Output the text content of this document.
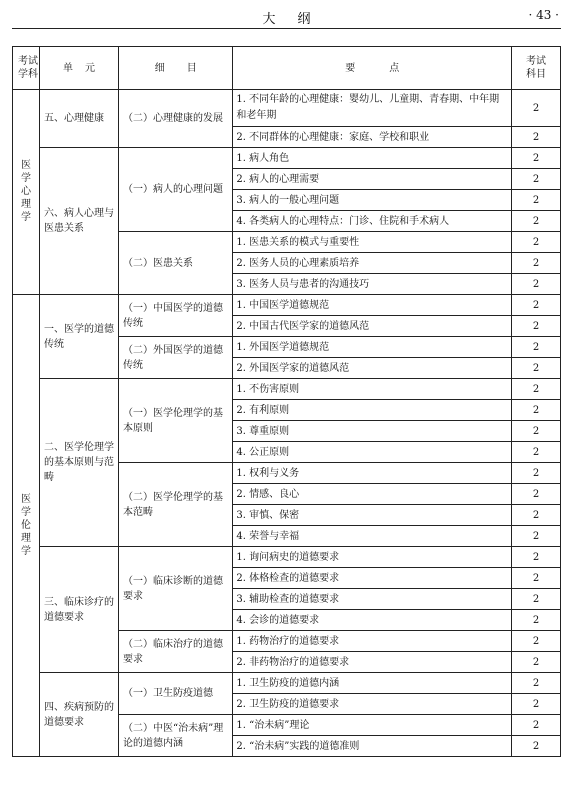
大纲	· 43 ·
考试学科	单元	细目	要点	考试科目
医学心理学	五、心理健康	（二）心理健康的发展	1. 不同年龄的心理健康：婴幼儿、儿童期、青春期、中年期和老年期	2
			2. 不同群体的心理健康：家庭、学校和职业	2
	六、病人心理与医患关系	（一）病人的心理问题	1. 病人角色	2
			2. 病人的心理需要	2
			3. 病人的一般心理问题	2
			4. 各类病人的心理特点：门诊、住院和手术病人	2
		（二）医患关系	1. 医患关系的模式与重要性	2
			2. 医务人员的心理素质培养	2
			3. 医务人员与患者的沟通技巧	2
医学伦理学	一、医学的道德传统	（一）中国医学的道德传统	1. 中国医学道德规范	2
			2. 中国古代医学家的道德风范	2
		（二）外国医学的道德传统	1. 外国医学道德规范	2
			2. 外国医学家的道德风范	2
	二、医学伦理学的基本原则与范畴	（一）医学伦理学的基本原则	1. 不伤害原则	2
			2. 有利原则	2
			3. 尊重原则	2
			4. 公正原则	2
		（二）医学伦理学的基本范畴	1. 权利与义务	2
			2. 情感、良心	2
			3. 审慎、保密	2
			4. 荣誉与幸福	2
	三、临床诊疗的道德要求	（一）临床诊断的道德要求	1. 询问病史的道德要求	2
			2. 体格检查的道德要求	2
			3. 辅助检查的道德要求	2
			4. 会诊的道德要求	2
		（二）临床治疗的道德要求	1. 药物治疗的道德要求	2
			2. 非药物治疗的道德要求	2
	四、疾病预防的道德要求	（一）卫生防疫道德	1. 卫生防疫的道德内涵	2
			2. 卫生防疫的道德要求	2
		（二）中医“治未病”理论的道德内涵	1. “治未病”理论	2
			2. “治未病”实践的道德准则	2
